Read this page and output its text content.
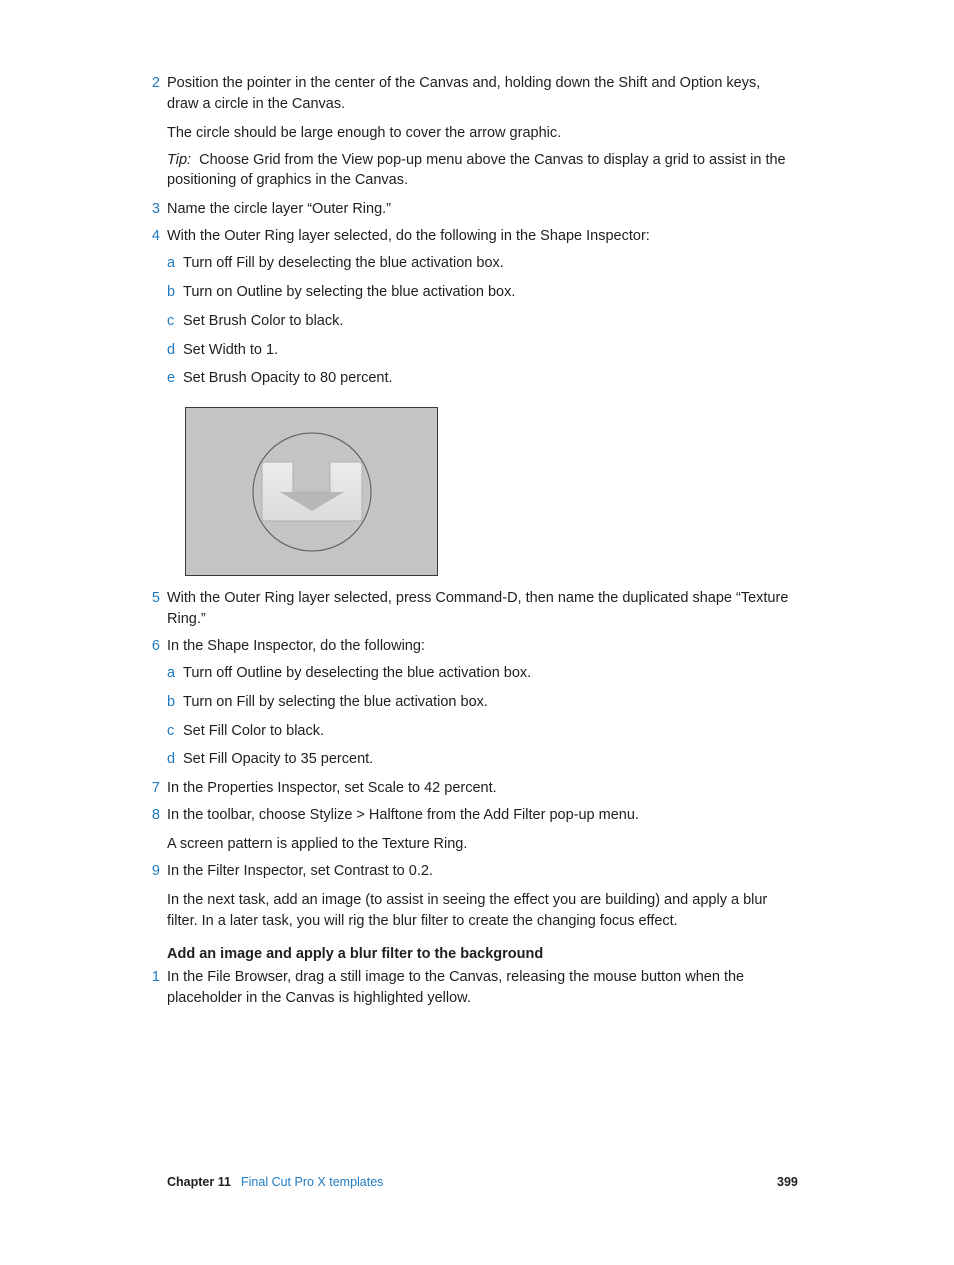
2 Position the pointer in the center of the Canvas and, holding down the Shift and Option keys,
draw a circle in the Canvas.
The circle should be large enough to cover the arrow graphic.
Tip: Choose Grid from the View pop-up menu above the Canvas to display a grid to assist in the
positioning of graphics in the Canvas.
3 Name the circle layer “Outer Ring.”
4 With the Outer Ring layer selected, do the following in the Shape Inspector:
a Turn off Fill by deselecting the blue activation box.
b Turn on Outline by selecting the blue activation box.
c Set Brush Color to black.
d Set Width to 1.
e Set Brush Opacity to 80 percent.
5 With the Outer Ring layer selected, press Command-D, then name the duplicated shape “Texture
Ring.”
6 In the Shape Inspector, do the following:
a Turn off Outline by deselecting the blue activation box.
b Turn on Fill by selecting the blue activation box.
c Set Fill Color to black.
d Set Fill Opacity to 35 percent.
7 In the Properties Inspector, set Scale to 42 percent.
8 In the toolbar, choose Stylize > Halftone from the Add Filter pop-up menu.
A screen pattern is applied to the Texture Ring.
9 In the Filter Inspector, set Contrast to 0.2.
In the next task, add an image (to assist in seeing the effect you are building) and apply a blur
filter. In a later task, you will rig the blur filter to create the changing focus effect.
Add an image and apply a blur filter to the background
1 In the File Browser, drag a still image to the Canvas, releasing the mouse button when the
placeholder in the Canvas is highlighted yellow.
Chapter 11 Final Cut Pro X templates	399
